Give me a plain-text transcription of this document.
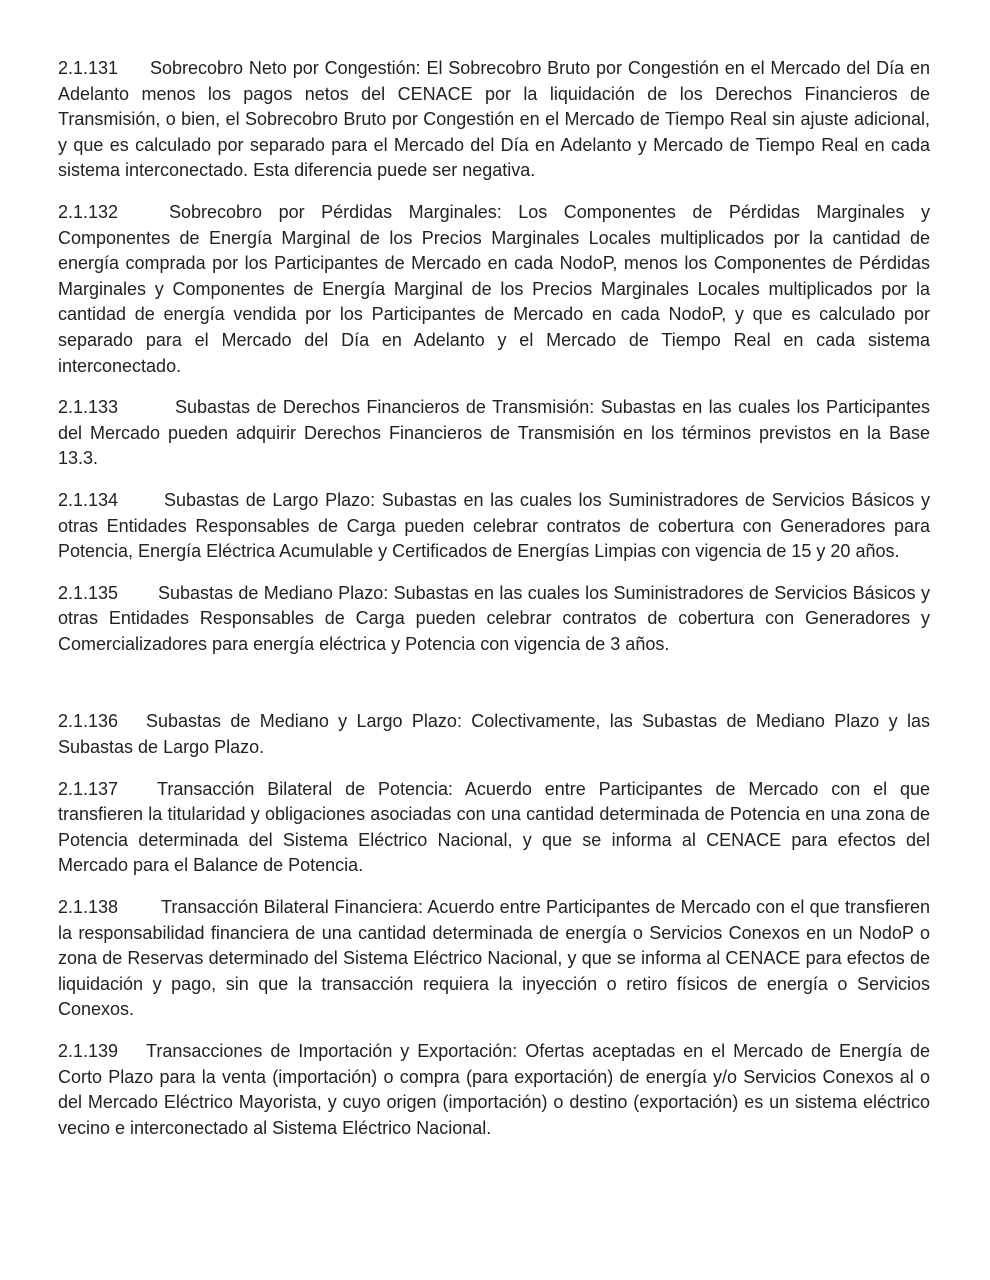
2.1.131 Sobrecobro Neto por Congestión: El Sobrecobro Bruto por Congestión en el Mercado del Día en Adelanto menos los pagos netos del CENACE por la liquidación de los Derechos Financieros de Transmisión, o bien, el Sobrecobro Bruto por Congestión en el Mercado de Tiempo Real sin ajuste adicional, y que es calculado por separado para el Mercado del Día en Adelanto y Mercado de Tiempo Real en cada sistema interconectado. Esta diferencia puede ser negativa.

2.1.132	Sobrecobro por Pérdidas Marginales: Los Componentes de Pérdidas Marginales y Componentes de Energía Marginal de los Precios Marginales Locales multiplicados por la cantidad de energía comprada por los Participantes de Mercado en cada NodoP, menos los Componentes de Pérdidas Marginales y Componentes de Energía Marginal de los Precios Marginales Locales multiplicados por la cantidad de energía vendida por los Participantes de Mercado en cada NodoP, y que es calculado por separado para el Mercado del Día en Adelanto y el Mercado de Tiempo Real en cada sistema interconectado.

2.1.133	Subastas de Derechos Financieros de Transmisión: Subastas en las cuales los Participantes del Mercado pueden adquirir Derechos Financieros de Transmisión en los términos previstos en la Base 13.3.

2.1.134	Subastas de Largo Plazo: Subastas en las cuales los Suministradores de Servicios Básicos y otras Entidades Responsables de Carga pueden celebrar contratos de cobertura con Generadores para Potencia, Energía Eléctrica Acumulable y Certificados de Energías Limpias con vigencia de 15 y 20 años.

2.1.135 Subastas de Mediano Plazo: Subastas en las cuales los Suministradores de Servicios Básicos y otras Entidades Responsables de Carga pueden celebrar contratos de cobertura con Generadores y Comercializadores para energía eléctrica y Potencia con vigencia de 3 años.

2.1.136 Subastas de Mediano y Largo Plazo: Colectivamente, las Subastas de Mediano Plazo y las Subastas de Largo Plazo.

2.1.137 Transacción Bilateral de Potencia: Acuerdo entre Participantes de Mercado con el que transfieren la titularidad y obligaciones asociadas con una cantidad determinada de Potencia en una zona de Potencia determinada del Sistema Eléctrico Nacional, y que se informa al CENACE para efectos del Mercado para el Balance de Potencia.

2.1.138 Transacción Bilateral Financiera: Acuerdo entre Participantes de Mercado con el que transfieren la responsabilidad financiera de una cantidad determinada de energía o Servicios Conexos en un NodoP o zona de Reservas determinado del Sistema Eléctrico Nacional, y que se informa al CENACE para efectos de liquidación y pago, sin que la transacción requiera la inyección o retiro físicos de energía o Servicios Conexos.

2.1.139 Transacciones de Importación y Exportación: Ofertas aceptadas en el Mercado de Energía de Corto Plazo para la venta (importación) o compra (para exportación) de energía y/o Servicios Conexos al o del Mercado Eléctrico Mayorista, y cuyo origen (importación) o destino (exportación) es un sistema eléctrico vecino e interconectado al Sistema Eléctrico Nacional.
